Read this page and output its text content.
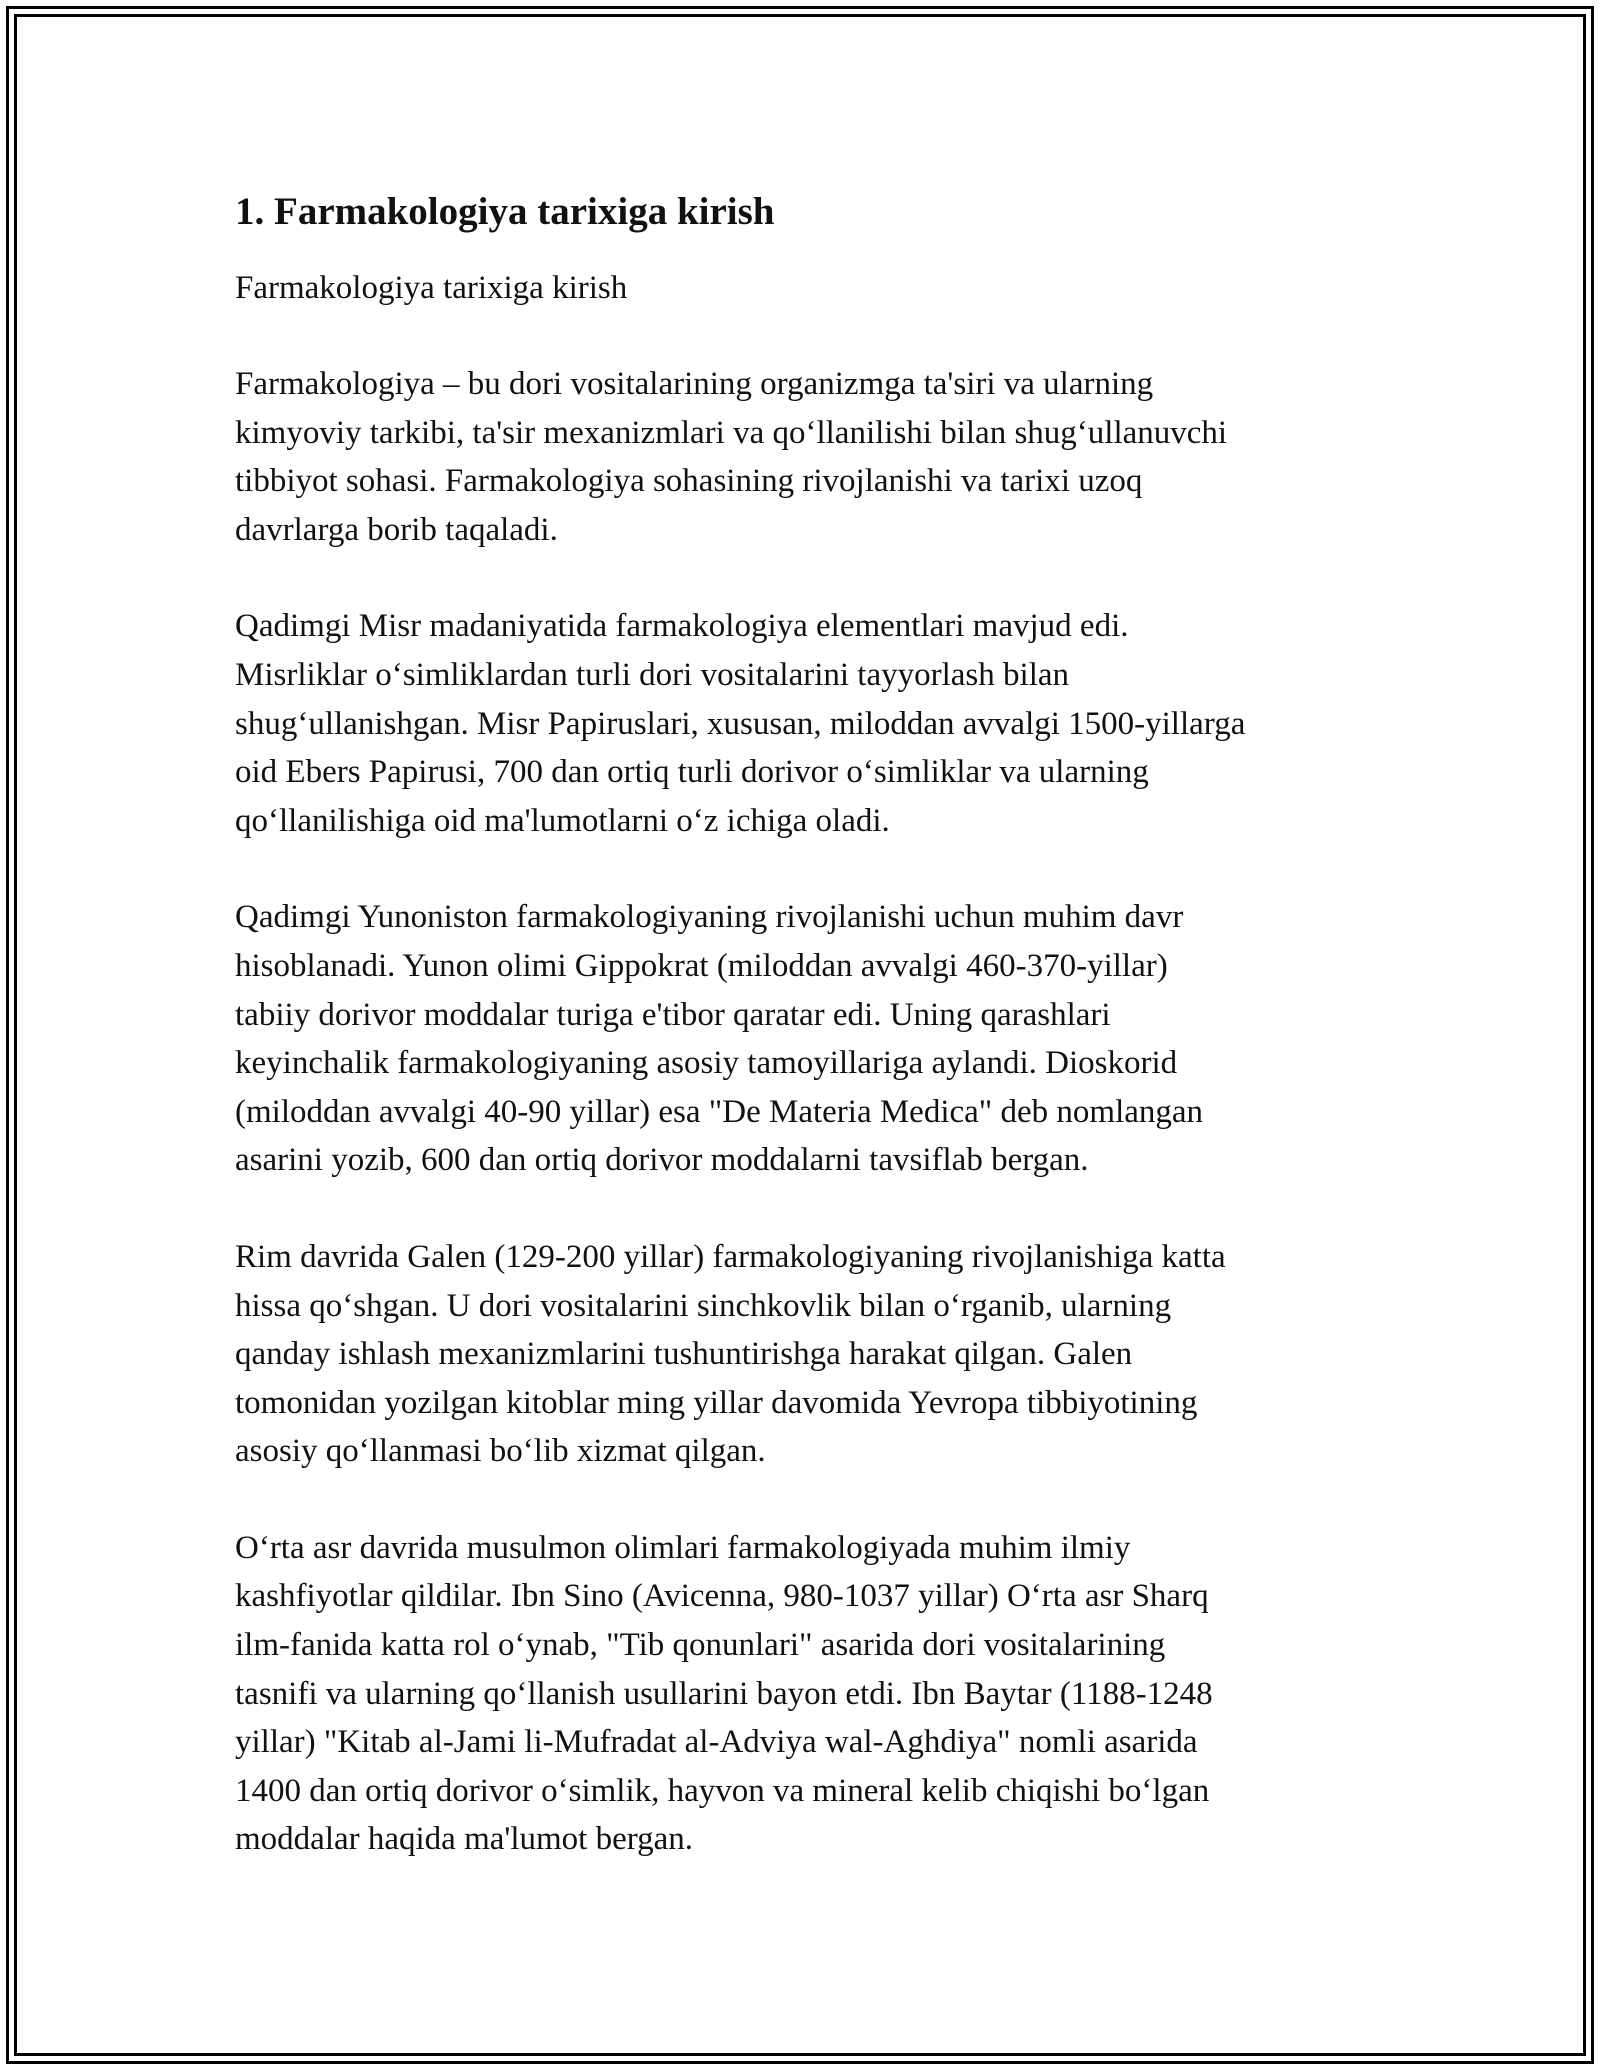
1. Farmakologiya tarixiga kirish

Farmakologiya tarixiga kirish

Farmakologiya – bu dori vositalarining organizmga ta'siri va ularning
kimyoviy tarkibi, ta'sir mexanizmlari va qo‘llanilishi bilan shug‘ullanuvchi
tibbiyot sohasi. Farmakologiya sohasining rivojlanishi va tarixi uzoq
davrlarga borib taqaladi.

Qadimgi Misr madaniyatida farmakologiya elementlari mavjud edi.
Misrliklar o‘simliklardan turli dori vositalarini tayyorlash bilan
shug‘ullanishgan. Misr Papiruslari, xususan, miloddan avvalgi 1500-yillarga
oid Ebers Papirusi, 700 dan ortiq turli dorivor o‘simliklar va ularning
qo‘llanilishiga oid ma'lumotlarni o‘z ichiga oladi.

Qadimgi Yunoniston farmakologiyaning rivojlanishi uchun muhim davr
hisoblanadi. Yunon olimi Gippokrat (miloddan avvalgi 460-370-yillar)
tabiiy dorivor moddalar turiga e'tibor qaratar edi. Uning qarashlari
keyinchalik farmakologiyaning asosiy tamoyillariga aylandi. Dioskorid
(miloddan avvalgi 40-90 yillar) esa "De Materia Medica" deb nomlangan
asarini yozib, 600 dan ortiq dorivor moddalarni tavsiflab bergan.

Rim davrida Galen (129-200 yillar) farmakologiyaning rivojlanishiga katta
hissa qo‘shgan. U dori vositalarini sinchkovlik bilan o‘rganib, ularning
qanday ishlash mexanizmlarini tushuntirishga harakat qilgan. Galen
tomonidan yozilgan kitoblar ming yillar davomida Yevropa tibbiyotining
asosiy qo‘llanmasi bo‘lib xizmat qilgan.

O‘rta asr davrida musulmon olimlari farmakologiyada muhim ilmiy
kashfiyotlar qildilar. Ibn Sino (Avicenna, 980-1037 yillar) O‘rta asr Sharq
ilm-fanida katta rol o‘ynab, "Tib qonunlari" asarida dori vositalarining
tasnifi va ularning qo‘llanish usullarini bayon etdi. Ibn Baytar (1188-1248
yillar) "Kitab al-Jami li-Mufradat al-Adviya wal-Aghdiya" nomli asarida
1400 dan ortiq dorivor o‘simlik, hayvon va mineral kelib chiqishi bo‘lgan
moddalar haqida ma'lumot bergan.
